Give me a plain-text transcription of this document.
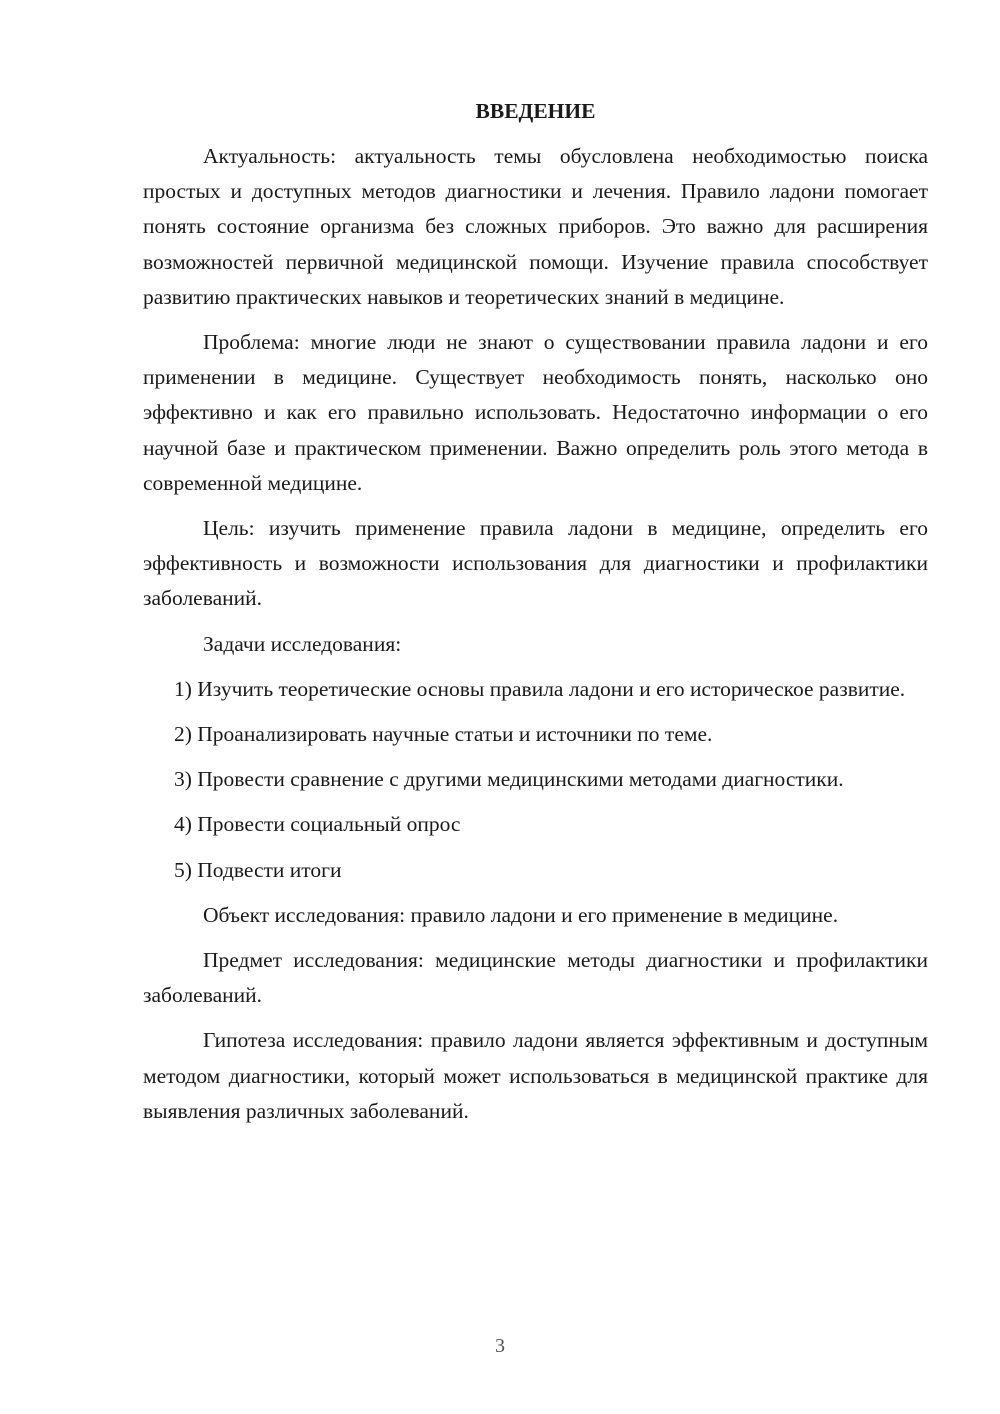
ВВЕДЕНИЕ

Актуальность: актуальность темы обусловлена необходимостью поиска простых и доступных методов диагностики и лечения. Правило ладони помогает понять состояние организма без сложных приборов. Это важно для расширения возможностей первичной медицинской помощи. Изучение правила способствует развитию практических навыков и теоретических знаний в медицине.

Проблема: многие люди не знают о существовании правила ладони и его применении в медицине. Существует необходимость понять, насколько оно эффективно и как его правильно использовать. Недостаточно информации о его научной базе и практическом применении. Важно определить роль этого метода в современной медицине.

Цель: изучить применение правила ладони в медицине, определить его эффективность и возможности использования для диагностики и профилактики заболеваний.

Задачи исследования:

1) Изучить теоретические основы правила ладони и его историческое развитие.

2) Проанализировать научные статьи и источники по теме.

3) Провести сравнение с другими медицинскими методами диагностики.

4) Провести социальный опрос

5) Подвести итоги

Объект исследования: правило ладони и его применение в медицине.

Предмет исследования: медицинские методы диагностики и профилактики заболеваний.

Гипотеза исследования: правило ладони является эффективным и доступным методом диагностики, который может использоваться в медицинской практике для выявления различных заболеваний.

3
